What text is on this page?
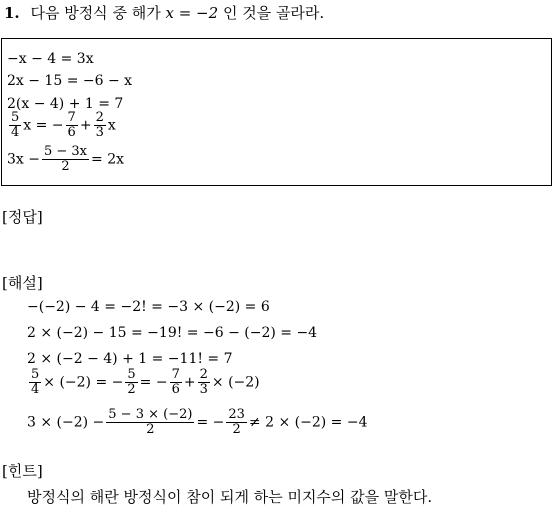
1. 다음 방정식 중 해가 x = −2 인 것을 골라라.
−x − 4 = 3x
2x − 15 = −6 − x
2(x − 4) + 1 = 7
$\frac{5}{4}$ x = − $\frac{7}{6} + \frac{2}{3}$ x
$3x - \frac{5 - 3x}{2} = 2x$
[정답]
[해설]
−(−2) − 4 = −2! = −3 × (−2) = 6
2 × (−2) − 15 = −19! = −6 − (−2) = −4
2 × (−2 − 4) + 1 = −11! = 7
$\frac{5}{4} \times (-2)$ = − $\frac{5}{2}$ = − $\frac{7}{6} + \frac{2}{3} \times (-2)$
$3 \times (-2) - \frac{5 - 3 \times (-2)}{2}$ = − $\frac{23}{2} \ne 2 \times (-2) = -4$
[힌트]
방정식의 해란 방정식이 참이 되게 하는 미지수의 값을 말한다.
